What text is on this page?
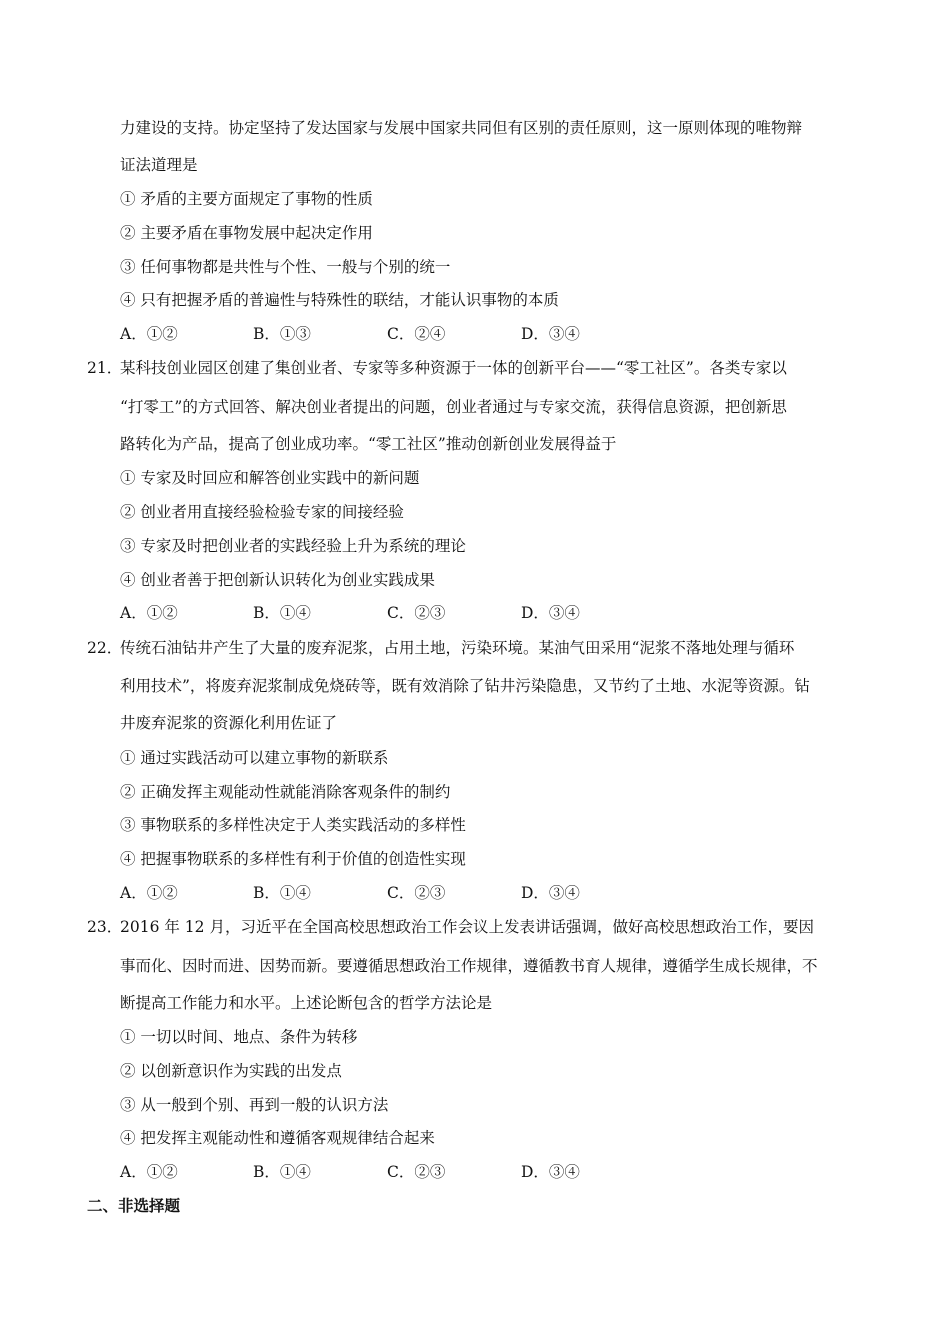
力建设的支持。协定坚持了发达国家与发展中国家共同但有区别的责任原则，这一原则体现的唯物辩
证法道理是
① 矛盾的主要方面规定了事物的性质
② 主要矛盾在事物发展中起决定作用
③ 任何事物都是共性与个性、一般与个别的统一
④ 只有把握矛盾的普遍性与特殊性的联结，才能认识事物的本质
A．①②	B．①③	C．②④	D．③④
21．
某科技创业园区创建了集创业者、专家等多种资源于一体的创新平台——“零工社区”。各类专家以
“打零工”的方式回答、解决创业者提出的问题，创业者通过与专家交流，获得信息资源，把创新思
路转化为产品，提高了创业成功率。“零工社区”推动创新创业发展得益于
① 专家及时回应和解答创业实践中的新问题
② 创业者用直接经验检验专家的间接经验
③ 专家及时把创业者的实践经验上升为系统的理论
④ 创业者善于把创新认识转化为创业实践成果
A．①②	B．①④	C．②③	D．③④
22．
传统石油钻井产生了大量的废弃泥浆，占用土地，污染环境。某油气田采用“泥浆不落地处理与循环
利用技术”，将废弃泥浆制成免烧砖等，既有效消除了钻井污染隐患，又节约了土地、水泥等资源。钻
井废弃泥浆的资源化利用佐证了
① 通过实践活动可以建立事物的新联系
② 正确发挥主观能动性就能消除客观条件的制约
③ 事物联系的多样性决定于人类实践活动的多样性
④ 把握事物联系的多样性有利于价值的创造性实现
A．①②	B．①④	C．②③	D．③④
23．
2016 年 12 月，习近平在全国高校思想政治工作会议上发表讲话强调，做好高校思想政治工作，要因
事而化、因时而进、因势而新。要遵循思想政治工作规律，遵循教书育人规律，遵循学生成长规律，不
断提高工作能力和水平。上述论断包含的哲学方法论是
① 一切以时间、地点、条件为转移
② 以创新意识作为实践的出发点
③ 从一般到个别、再到一般的认识方法
④ 把发挥主观能动性和遵循客观规律结合起来
A．①②	B．①④	C．②③	D．③④
二、非选择题
